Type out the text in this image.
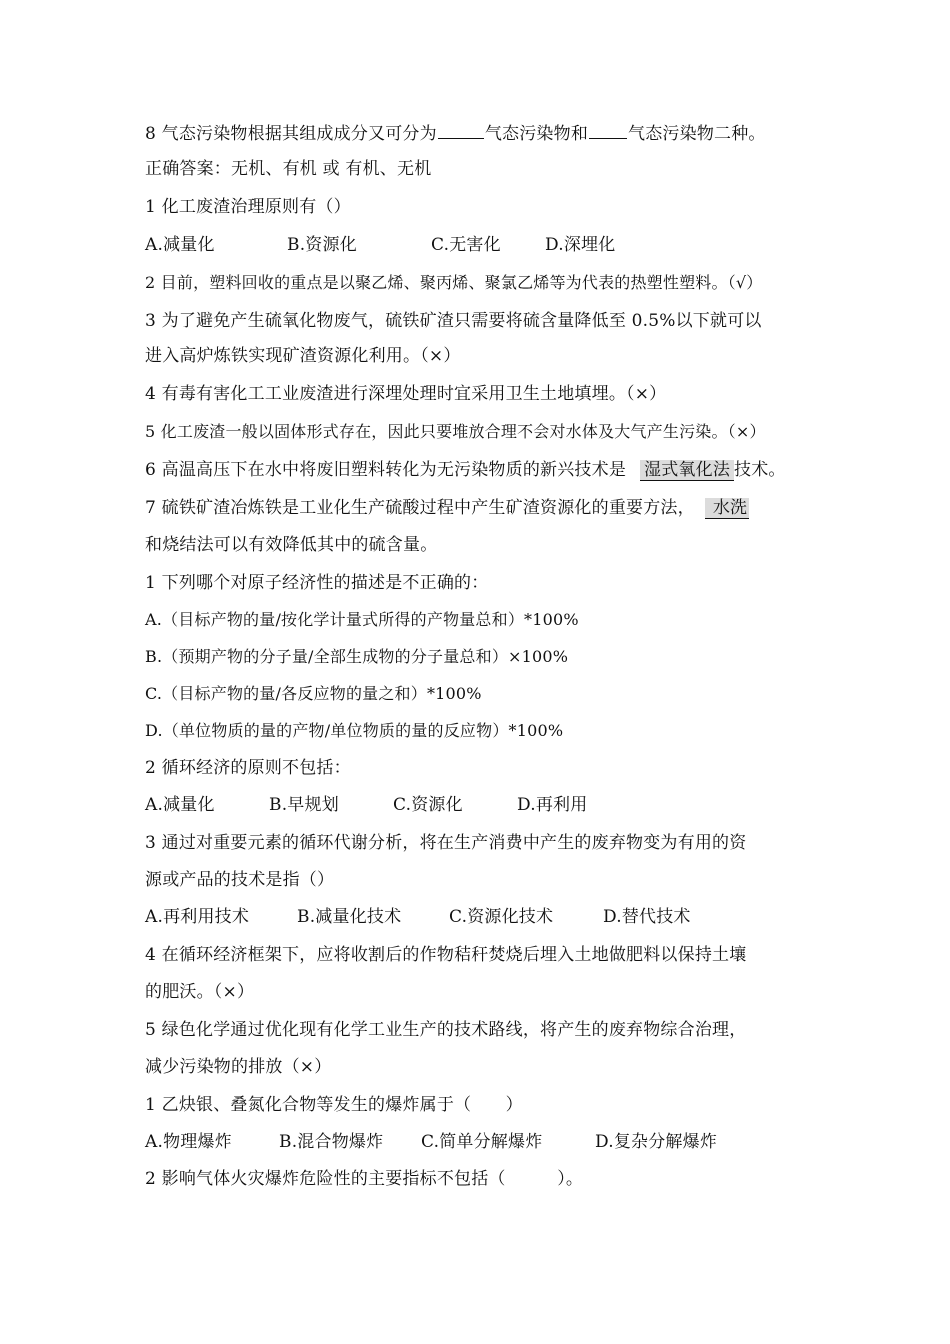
8 气态污染物根据其组成成分又可分为	气态污染物和 气态污染物二种。
正确答案：无机、有机 或 有机、无机
1 化工废渣治理原则有（）
A.减量化	B.资源化	C.无害化	D.深埋化
2 目前，塑料回收的重点是以聚乙烯、聚丙烯、聚氯乙烯等为代表的热塑性塑料。（√）
3 为了避免产生硫氧化物废气，硫铁矿渣只需要将硫含量降低至 0.5%以下就可以
进入高炉炼铁实现矿渣资源化利用。（×）
4 有毒有害化工工业废渣进行深埋处理时宜采用卫生土地填埋。（×）
5 化工废渣一般以固体形式存在，因此只要堆放合理不会对水体及大气产生污染。（×）
6 高温高压下在水中将废旧塑料转化为无污染物质的新兴技术是 湿式氧化法 技术。
7 硫铁矿渣冶炼铁是工业化生产硫酸过程中产生矿渣资源化的重要方法， 水洗
和烧结法可以有效降低其中的硫含量。
1 下列哪个对原子经济性的描述是不正确的：
A.（目标产物的量/按化学计量式所得的产物量总和）*100%
B.（预期产物的分子量/全部生成物的分子量总和）×100%
C.（目标产物的量/各反应物的量之和）*100%
D.（单位物质的量的产物/单位物质的量的反应物）*100%
2 循环经济的原则不包括：
A.减量化	B.早规划	C.资源化	D.再利用
3 通过对重要元素的循环代谢分析，将在生产消费中产生的废弃物变为有用的资
源或产品的技术是指（）
A.再利用技术	B.减量化技术	C.资源化技术	D.替代技术
4 在循环经济框架下，应将收割后的作物秸秆焚烧后埋入土地做肥料以保持土壤
的肥沃。（×）
5 绿色化学通过优化现有化学工业生产的技术路线，将产生的废弃物综合治理，
减少污染物的排放（×）
1 乙炔银、叠氮化合物等发生的爆炸属于（　　）
A.物理爆炸	B.混合物爆炸 C.简单分解爆炸	D.复杂分解爆炸
2 影响气体火灾爆炸危险性的主要指标不包括（　　　）。
